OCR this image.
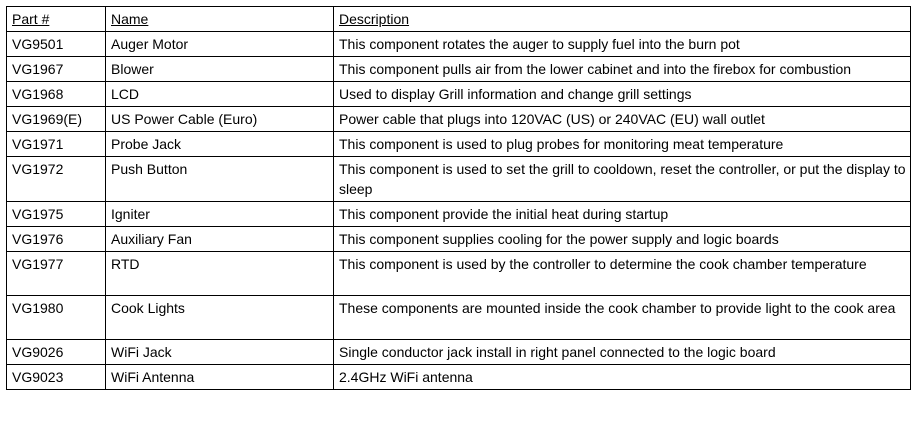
Part #	Name	Description
VG9501	Auger Motor	This component rotates the auger to supply fuel into the burn pot
VG1967	Blower	This component pulls air from the lower cabinet and into the firebox for combustion
VG1968	LCD	Used to display Grill information and change grill settings
VG1969(E)	US Power Cable (Euro)	Power cable that plugs into 120VAC (US) or 240VAC (EU) wall outlet
VG1971	Probe Jack	This component is used to plug probes for monitoring meat temperature
VG1972	Push Button	This component is used to set the grill to cooldown, reset the controller, or put the display to sleep
VG1975	Igniter	This component provide the initial heat during startup
VG1976	Auxiliary Fan	This component supplies cooling for the power supply and logic boards
VG1977	RTD	This component is used by the controller to determine the cook chamber temperature
VG1980	Cook Lights	These components are mounted inside the cook chamber to provide light to the cook area
VG9026	WiFi Jack	Single conductor jack install in right panel connected to the logic board
VG9023	WiFi Antenna	2.4GHz WiFi antenna
